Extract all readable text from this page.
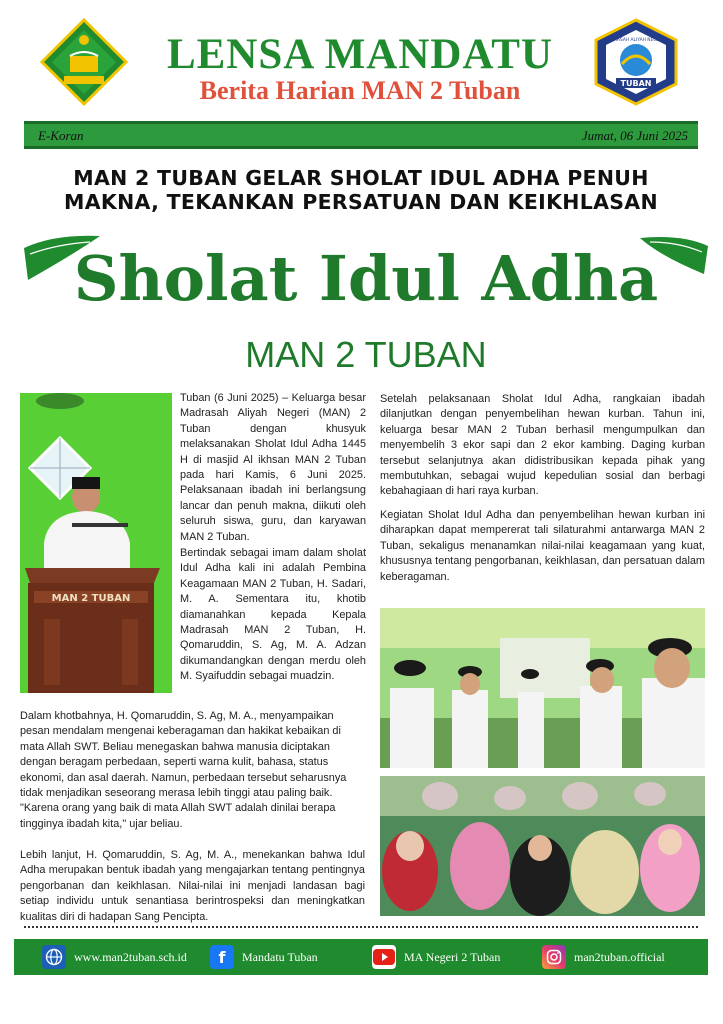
LENSA MANDATU
Berita Harian MAN 2 Tuban	TUBAN
MADRASAH ALIYAH NEGERI 2
E-Koran	Jumat, 06 Juni 2025
MAN 2 TUBAN GELAR SHOLAT IDUL ADHA PENUH MAKNA, TEKANKAN PERSATUAN DAN KEIKHLASAN
Sholat Idul Adha
MAN 2 TUBAN
MAN 2 TUBAN
Tuban (6 Juni 2025) – Keluarga besar Madrasah Aliyah Negeri (MAN) 2 Tuban dengan khusyuk melaksanakan Sholat Idul Adha 1445 H di masjid Al ikhsan MAN 2 Tuban pada hari Kamis, 6 Juni 2025. Pelaksanaan ibadah ini berlangsung lancar dan penuh makna, diikuti oleh seluruh siswa, guru, dan karyawan MAN 2 Tuban.
Bertindak sebagai imam dalam sholat Idul Adha kali ini adalah Pembina Keagamaan MAN 2 Tuban, H. Sadari, M. A. Sementara itu, khotib diamanahkan kepada Kepala Madrasah MAN 2 Tuban, H. Qomaruddin, S. Ag, M. A. Adzan dikumandangkan dengan merdu oleh M. Syaifuddin sebagai muadzin.
Dalam khotbahnya, H. Qomaruddin, S. Ag, M. A., menyampaikan pesan mendalam mengenai keberagaman dan hakikat kebaikan di mata Allah SWT. Beliau menegaskan bahwa manusia diciptakan dengan beragam perbedaan, seperti warna kulit, bahasa, status ekonomi, dan asal daerah. Namun, perbedaan tersebut seharusnya tidak menjadikan seseorang merasa lebih tinggi atau paling baik. "Karena orang yang baik di mata Allah SWT adalah dinilai berapa tingginya ibadah kita," ujar beliau.
Lebih lanjut, H. Qomaruddin, S. Ag, M. A., menekankan bahwa Idul Adha merupakan bentuk ibadah yang mengajarkan tentang pentingnya pengorbanan dan keikhlasan. Nilai-nilai ini menjadi landasan bagi setiap individu untuk senantiasa berintrospeksi dan meningkatkan kualitas diri di hadapan Sang Pencipta.
Setelah pelaksanaan Sholat Idul Adha, rangkaian ibadah dilanjutkan dengan penyembelihan hewan kurban. Tahun ini, keluarga besar MAN 2 Tuban berhasil mengumpulkan dan menyembelih 3 ekor sapi dan 2 ekor kambing. Daging kurban tersebut selanjutnya akan didistribusikan kepada pihak yang membutuhkan, sebagai wujud kepedulian sosial dan berbagi kebahagiaan di hari raya kurban.
Kegiatan Sholat Idul Adha dan penyembelihan hewan kurban ini diharapkan dapat mempererat tali silaturahmi antarwarga MAN 2 Tuban, sekaligus menanamkan nilai-nilai keagamaan yang kuat, khususnya tentang pengorbanan, keikhlasan, dan persatuan dalam keberagaman.
www.man2tuban.sch.id f Mandatu Tuban	MA Negeri 2 Tuban	man2tuban.official
